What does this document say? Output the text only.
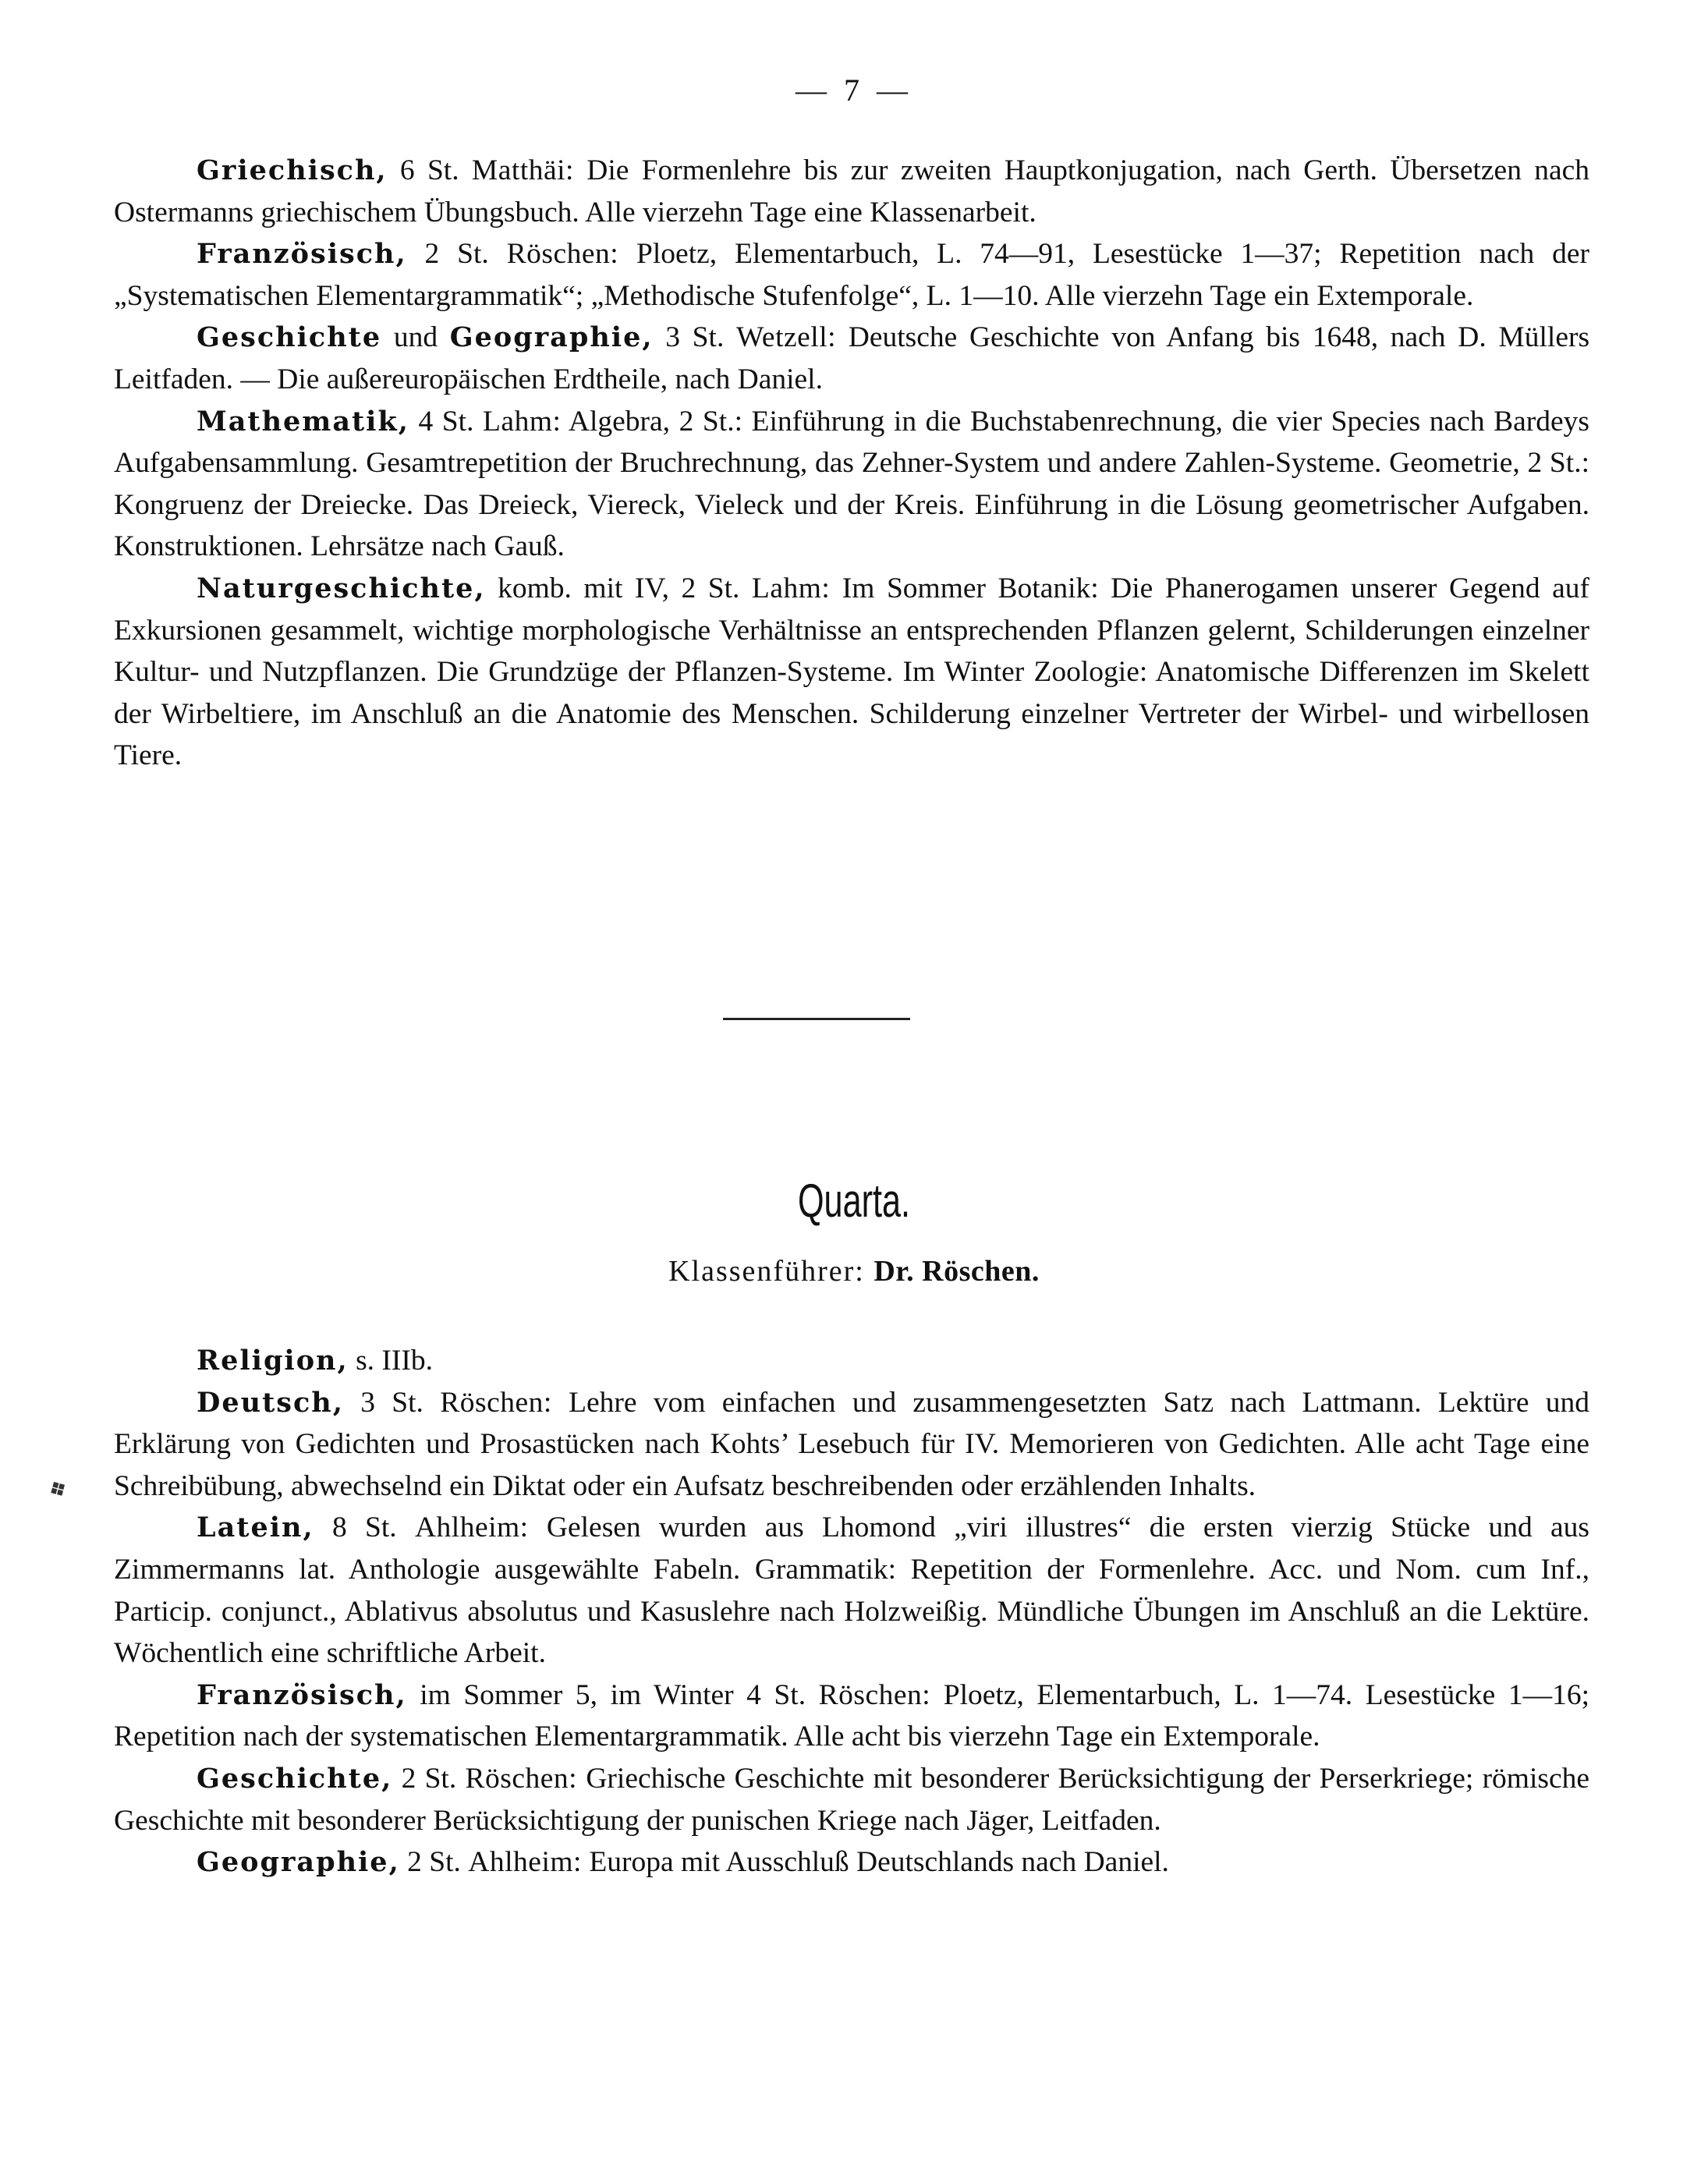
— 7 —

Griechisch, 6 St. Matthäi: Die Formenlehre bis zur zweiten Hauptkonjugation, nach Gerth. Übersetzen nach Ostermanns griechischem Übungsbuch. Alle vierzehn Tage eine Klassenarbeit.

Französisch, 2 St. Röschen: Ploetz, Elementarbuch, L. 74—91, Lesestücke 1—37; Repetition nach der „Systematischen Elementargrammatik“; „Methodische Stufenfolge“, L. 1—10. Alle vierzehn Tage ein Extemporale.

Geschichte und Geographie, 3 St. Wetzell: Deutsche Geschichte von Anfang bis 1648, nach D. Müllers Leitfaden. — Die außereuropäischen Erdtheile, nach Daniel.

Mathematik, 4 St. Lahm: Algebra, 2 St.: Einführung in die Buchstabenrechnung, die vier Species nach Bardeys Aufgabensammlung. Gesamtrepetition der Bruchrechnung, das Zehner-System und andere Zahlen-Systeme. Geometrie, 2 St.: Kongruenz der Dreiecke. Das Dreieck, Viereck, Vieleck und der Kreis. Einführung in die Lösung geometrischer Aufgaben. Konstruktionen. Lehrsätze nach Gauß.

Naturgeschichte, komb. mit IV, 2 St. Lahm: Im Sommer Botanik: Die Phanerogamen unserer Gegend auf Exkursionen gesammelt, wichtige morphologische Verhältnisse an entsprechenden Pflanzen gelernt, Schilderungen einzelner Kultur- und Nutzpflanzen. Die Grundzüge der Pflanzen-Systeme. Im Winter Zoologie: Anatomische Differenzen im Skelett der Wirbeltiere, im Anschluß an die Anatomie des Menschen. Schilderung einzelner Vertreter der Wirbel- und wirbellosen Tiere.

Quarta.
Klassenführer: Dr. Röschen.
❖

Religion, s. IIIb.

Deutsch, 3 St. Röschen: Lehre vom einfachen und zusammengesetzten Satz nach Lattmann. Lektüre und Erklärung von Gedichten und Prosastücken nach Kohts’ Lesebuch für IV. Memorieren von Gedichten. Alle acht Tage eine Schreibübung, abwechselnd ein Diktat oder ein Aufsatz beschreibenden oder erzählenden Inhalts.

Latein, 8 St. Ahlheim: Gelesen wurden aus Lhomond „viri illustres“ die ersten vierzig Stücke und aus Zimmermanns lat. Anthologie ausgewählte Fabeln. Grammatik: Repetition der Formenlehre. Acc. und Nom. cum Inf., Particip. conjunct., Ablativus absolutus und Kasuslehre nach Holzweißig. Mündliche Übungen im Anschluß an die Lektüre. Wöchentlich eine schriftliche Arbeit.

Französisch, im Sommer 5, im Winter 4 St. Röschen: Ploetz, Elementarbuch, L. 1—74. Lesestücke 1—16; Repetition nach der systematischen Elementargrammatik. Alle acht bis vierzehn Tage ein Extemporale.

Geschichte, 2 St. Röschen: Griechische Geschichte mit besonderer Berücksichtigung der Perserkriege; römische Geschichte mit besonderer Berücksichtigung der punischen Kriege nach Jäger, Leitfaden.

Geographie, 2 St. Ahlheim: Europa mit Ausschluß Deutschlands nach Daniel.
